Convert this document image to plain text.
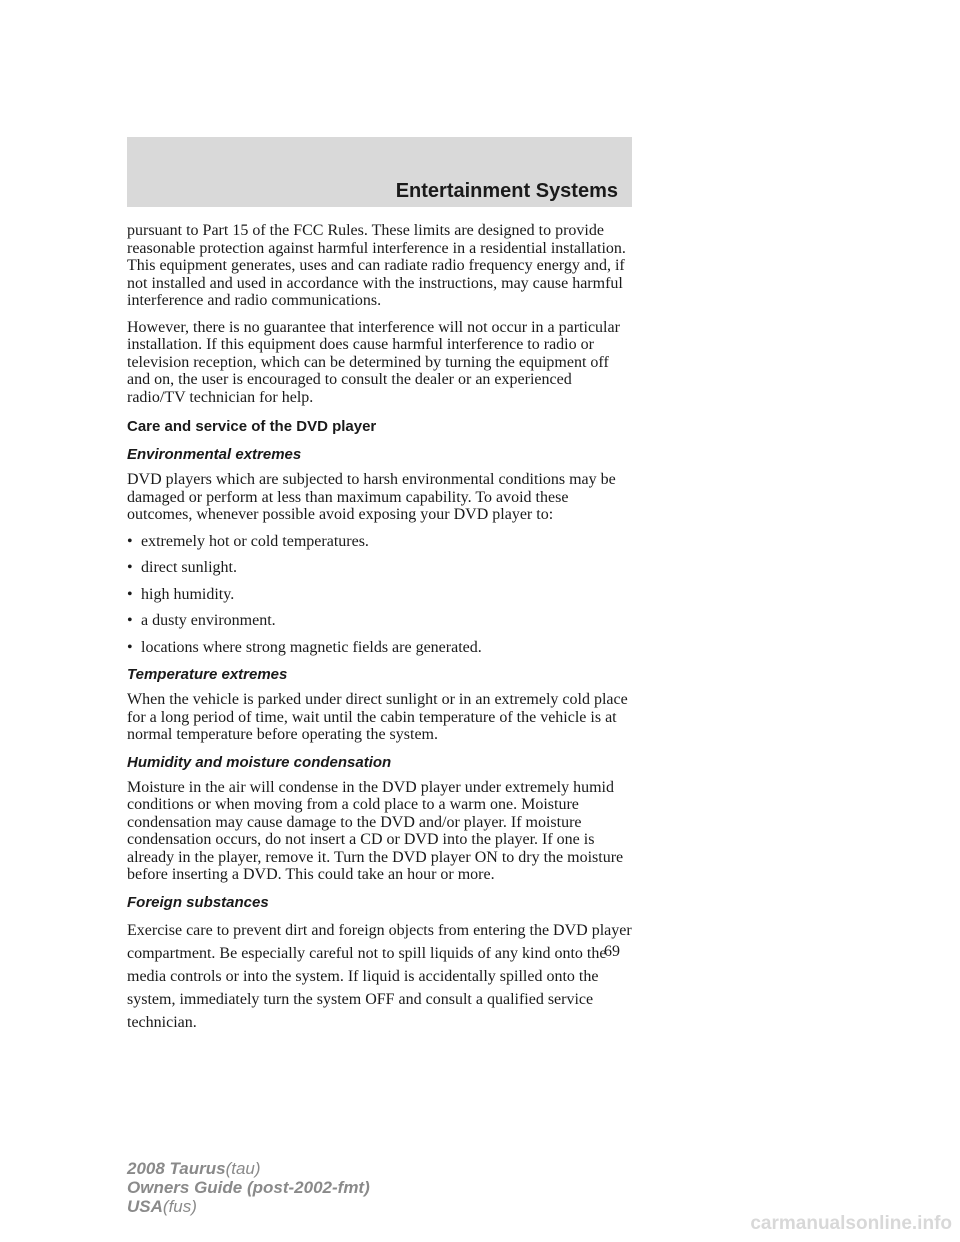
Entertainment Systems

pursuant to Part 15 of the FCC Rules. These limits are designed to provide reasonable protection against harmful interference in a residential installation. This equipment generates, uses and can radiate radio frequency energy and, if not installed and used in accordance with the instructions, may cause harmful interference and radio communications.

However, there is no guarantee that interference will not occur in a particular installation. If this equipment does cause harmful interference to radio or television reception, which can be determined by turning the equipment off and on, the user is encouraged to consult the dealer or an experienced radio/TV technician for help.

Care and service of the DVD player
Environmental extremes

DVD players which are subjected to harsh environmental conditions may be damaged or perform at less than maximum capability. To avoid these outcomes, whenever possible avoid exposing your DVD player to:

• extremely hot or cold temperatures.
• direct sunlight.
• high humidity.
• a dusty environment.
• locations where strong magnetic fields are generated.
Temperature extremes

When the vehicle is parked under direct sunlight or in an extremely cold place for a long period of time, wait until the cabin temperature of the vehicle is at normal temperature before operating the system.

Humidity and moisture condensation

Moisture in the air will condense in the DVD player under extremely humid conditions or when moving from a cold place to a warm one. Moisture condensation may cause damage to the DVD and/or player. If moisture condensation occurs, do not insert a CD or DVD into the player. If one is already in the player, remove it. Turn the DVD player ON to dry the moisture before inserting a DVD. This could take an hour or more.

Foreign substances

Exercise care to prevent dirt and foreign objects from entering the DVD player compartment. Be especially careful not to spill liquids of any kind onto the media controls or into the system. If liquid is accidentally spilled onto the system, immediately turn the system OFF and consult a qualified service technician.

69
2008 Taurus(tau)
Owners Guide (post-2002-fmt)
USA(fus)
carmanualsonline.info
